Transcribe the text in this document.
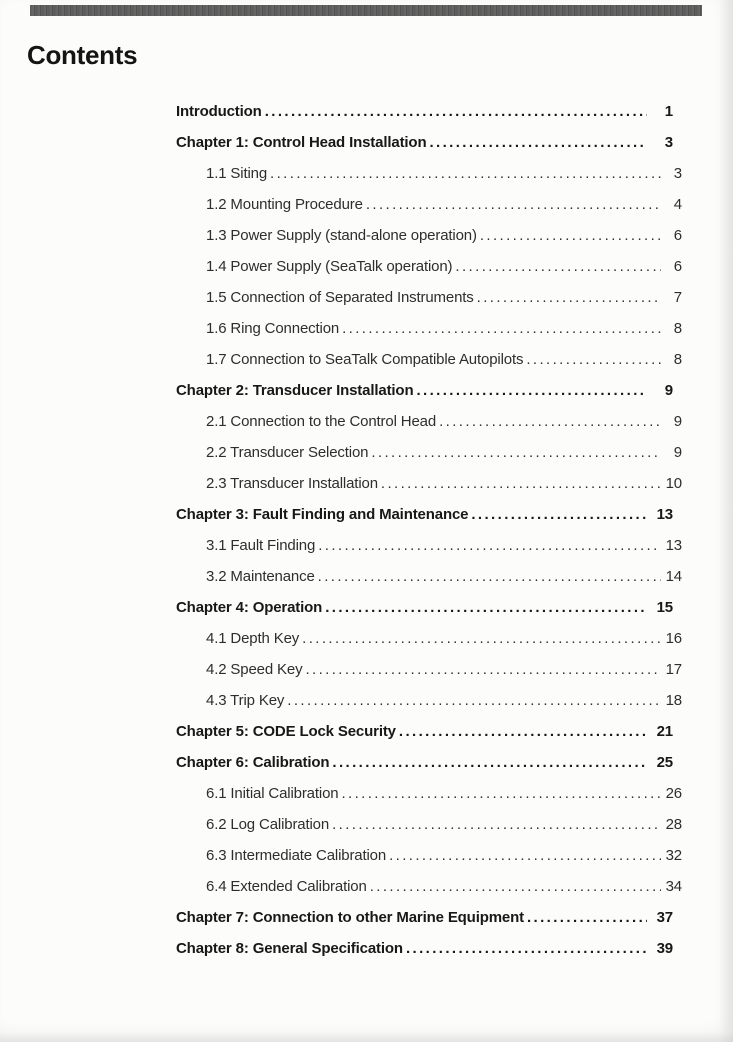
Contents
Introduction .....	1
Chapter 1: Control Head Installation .....	3
1.1 Siting .....	3
1.2 Mounting Procedure .....	4
1.3 Power Supply (stand-alone operation) .....	6
1.4 Power Supply (SeaTalk operation) .....	6
1.5 Connection of Separated Instruments .....	7
1.6 Ring Connection .....	8
1.7 Connection to SeaTalk Compatible Autopilots .....	8
Chapter 2: Transducer Installation .....	9
2.1 Connection to the Control Head .....	9
2.2 Transducer Selection .....	9
2.3 Transducer Installation .....	10
Chapter 3: Fault Finding and Maintenance .....	13
3.1 Fault Finding .....	13
3.2 Maintenance .....	14
Chapter 4: Operation .....	15
4.1 Depth Key .....	16
4.2 Speed Key .....	17
4.3 Trip Key .....	18
Chapter 5: CODE Lock Security .....	21
Chapter 6: Calibration .....	25
6.1 Initial Calibration .....	26
6.2 Log Calibration .....	28
6.3 Intermediate Calibration .....	32
6.4 Extended Calibration .....	34
Chapter 7: Connection to other Marine Equipment .....	37
Chapter 8: General Specification .....	39
